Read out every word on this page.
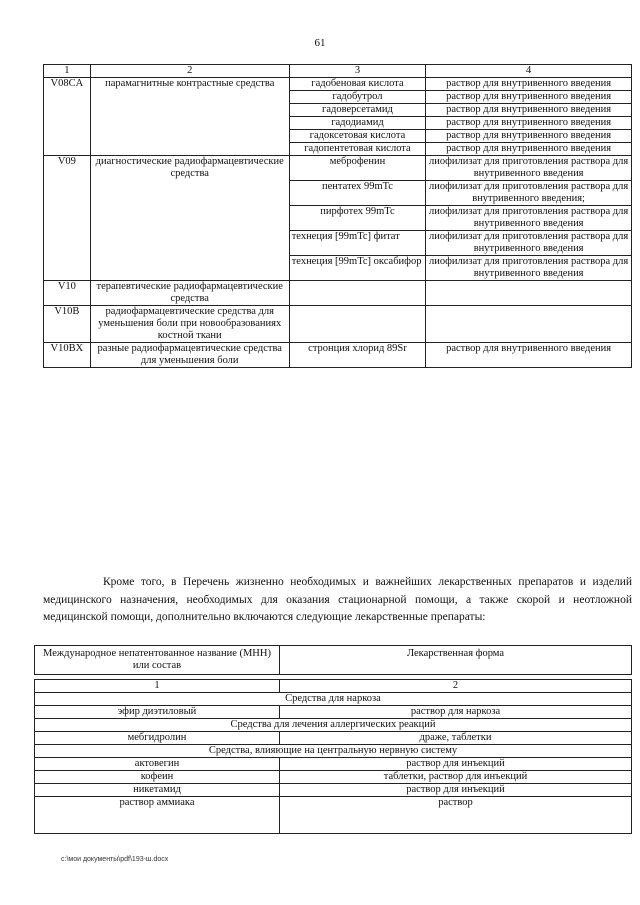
61
1	2	3	4
V08CA	парамагнитные контрастные средства	гадобеновая кислота	раствор для внутривенного введения
		гадобутрол	раствор для внутривенного введения
		гадоверсетамид	раствор для внутривенного введения
		гадодиамид	раствор для внутривенного введения
		гадоксетовая кислота	раствор для внутривенного введения
		гадопентетовая кислота	раствор для внутривенного введения
V09	диагностические радиофармацевтические средства	меброфенин	лиофилизат для приготовления раствора для внутривенного введения
		пентатех 99mTc	лиофилизат для приготовления раствора для внутривенного введения;
		пирфотех 99mTc	лиофилизат для приготовления раствора для внутривенного введения
		технеция [99mTc] фитат	лиофилизат для приготовления раствора для внутривенного введения
		технеция [99mTc] оксабифор	лиофилизат для приготовления раствора для внутривенного введения
V10	терапевтические радиофармацевтические средства		
V10B	радиофармацевтические средства для уменьшения боли при новообразованиях костной ткани		
V10BX	разные радиофармацевтические средства для уменьшения боли	стронция хлорид 89Sr	раствор для внутривенного введения

Кроме того, в Перечень жизненно необходимых и важнейших лекарственных препаратов и изделий медицинского назначения, необходимых для оказания стационарной помощи, а также скорой и неотложной медицинской помощи, дополнительно включаются следующие лекарственные препараты:

Международное непатентованное название (МНН) или состав	Лекарственная форма
1	2
Средства для наркоза	
эфир диэтиловый	раствор для наркоза
Средства для лечения аллергических реакций	
мебгидролин	драже, таблетки
Средства, влияющие на центральную нервную систему	
актовегин	раствор для инъекций
кофеин	таблетки, раствор для инъекций
никетамид	раствор для инъекций
раствор аммиака	раствор
c:\мои документы\pdf\193-ш.docx
